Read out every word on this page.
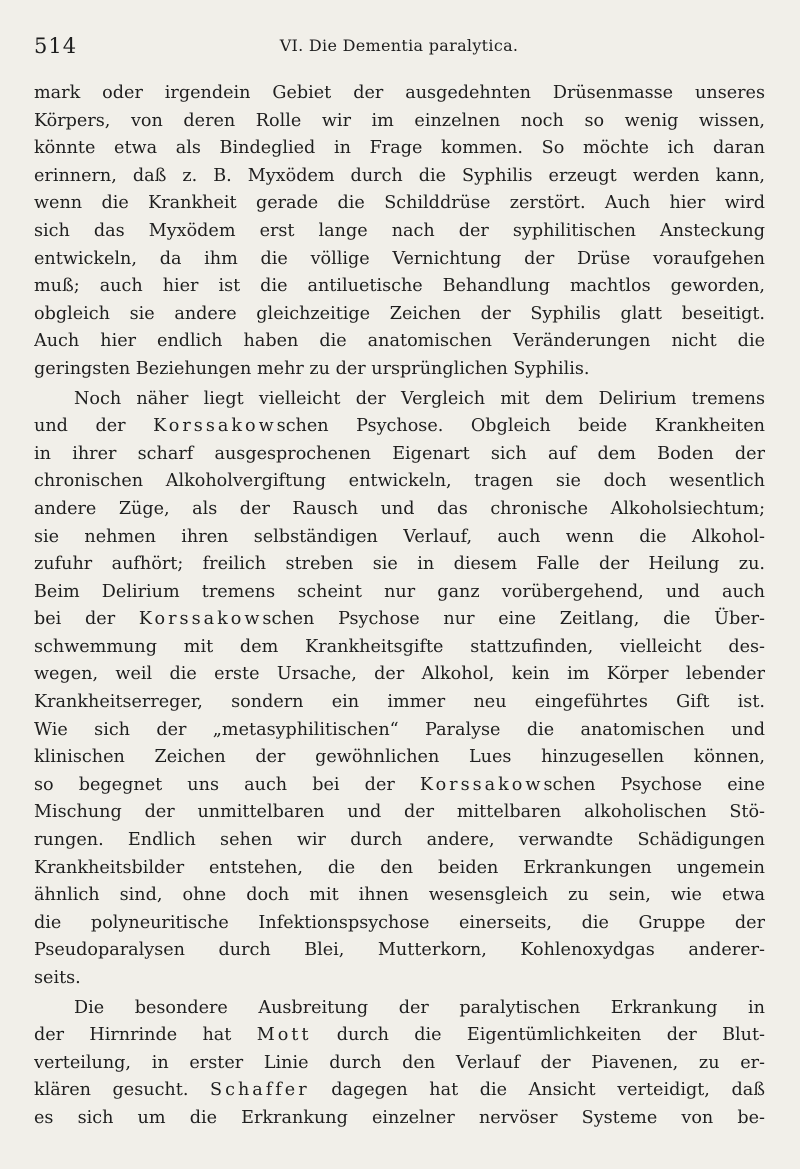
514	VI. Die Dementia paralytica.
mark oder irgendein Gebiet der ausgedehnten Drüsenmasse unseres
Körpers, von deren Rolle wir im einzelnen noch so wenig wissen,
könnte etwa als Bindeglied in Frage kommen. So möchte ich daran
erinnern, daß z. B. Myxödem durch die Syphilis erzeugt werden kann,
wenn die Krankheit gerade die Schilddrüse zerstört. Auch hier wird
sich das Myxödem erst lange nach der syphilitischen Ansteckung
entwickeln, da ihm die völlige Vernichtung der Drüse voraufgehen
muß; auch hier ist die antiluetische Behandlung machtlos geworden,
obgleich sie andere gleichzeitige Zeichen der Syphilis glatt beseitigt.
Auch hier endlich haben die anatomischen Veränderungen nicht die
geringsten Beziehungen mehr zu der ursprünglichen Syphilis.
Noch näher liegt vielleicht der Vergleich mit dem Delirium tremens
und der Korssakowschen Psychose. Obgleich beide Krankheiten
in ihrer scharf ausgesprochenen Eigenart sich auf dem Boden der
chronischen Alkoholvergiftung entwickeln, tragen sie doch wesentlich
andere Züge, als der Rausch und das chronische Alkoholsiechtum;
sie nehmen ihren selbständigen Verlauf, auch wenn die Alkohol-
zufuhr aufhört; freilich streben sie in diesem Falle der Heilung zu.
Beim Delirium tremens scheint nur ganz vorübergehend, und auch
bei der Korssakowschen Psychose nur eine Zeitlang, die Über-
schwemmung mit dem Krankheitsgifte stattzufinden, vielleicht des-
wegen, weil die erste Ursache, der Alkohol, kein im Körper lebender
Krankheitserreger, sondern ein immer neu eingeführtes Gift ist.
Wie sich der „metasyphilitischen“ Paralyse die anatomischen und
klinischen Zeichen der gewöhnlichen Lues hinzugesellen können,
so begegnet uns auch bei der Korssakowschen Psychose eine
Mischung der unmittelbaren und der mittelbaren alkoholischen Stö-
rungen. Endlich sehen wir durch andere, verwandte Schädigungen
Krankheitsbilder entstehen, die den beiden Erkrankungen ungemein
ähnlich sind, ohne doch mit ihnen wesensgleich zu sein, wie etwa
die polyneuritische Infektionspsychose einerseits, die Gruppe der
Pseudoparalysen durch Blei, Mutterkorn, Kohlenoxydgas anderer-
seits.
Die besondere Ausbreitung der paralytischen Erkrankung in
der Hirnrinde hat Mott durch die Eigentümlichkeiten der Blut-
verteilung, in erster Linie durch den Verlauf der Piavenen, zu er-
klären gesucht. Schaffer dagegen hat die Ansicht verteidigt, daß
es sich um die Erkrankung einzelner nervöser Systeme von be-
